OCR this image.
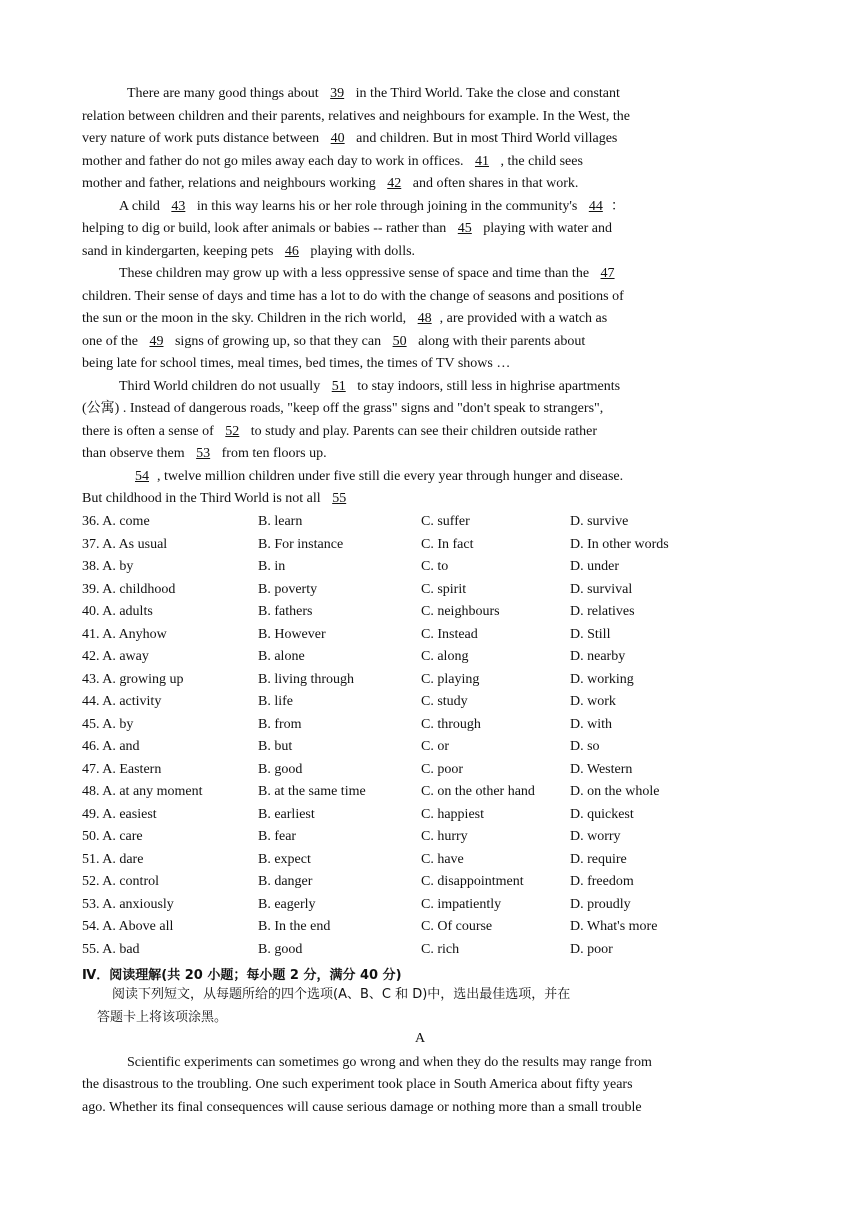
There are many good things about 39 in the Third World. Take the close and constant
relation between children and their parents, relatives and neighbours for example. In the West, the
very nature of work puts distance between 40 and children. But in most Third World villages
mother and father do not go miles away each day to work in offices. 41 , the child sees
mother and father, relations and neighbours working 42 and often shares in that work.
A child 43 in this way learns his or her role through joining in the community's 44 ：
helping to dig or build, look after animals or babies -- rather than 45 playing with water and
sand in kindergarten, keeping pets 46 playing with dolls.
These children may grow up with a less oppressive sense of space and time than the 47
children. Their sense of days and time has a lot to do with the change of seasons and positions of
the sun or the moon in the sky. Children in the rich world, 48 , are provided with a watch as
one of the 49 signs of growing up, so that they can 50 along with their parents about
being late for school times, meal times, bed times, the times of TV shows …
Third World children do not usually 51 to stay indoors, still less in highrise apartments
(公寓) . Instead of dangerous roads, "keep off the grass" signs and "don't speak to strangers",
there is often a sense of 52 to study and play. Parents can see their children outside rather
than observe them 53 from ten floors up.
54 , twelve million children under five still die every year through hunger and disease.
But childhood in the Third World is not all 55
36. A. come	B. learn	C. suffer	D. survive
37. A. As usual	B. For instance	C. In fact	D. In other words
38. A. by	B. in	C. to	D. under
39. A. childhood	B. poverty	C. spirit	D. survival
40. A. adults	B. fathers	C. neighbours	D. relatives
41. A. Anyhow	B. However	C. Instead	D. Still
42. A. away	B. alone	C. along	D. nearby
43. A. growing up	B. living through	C. playing	D. working
44. A. activity	B. life	C. study	D. work
45. A. by	B. from	C. through	D. with
46. A. and	B. but	C. or	D. so
47. A. Eastern	B. good	C. poor	D. Western
48. A. at any moment	B. at the same time	C. on the other hand	D. on the whole
49. A. easiest	B. earliest	C. happiest	D. quickest
50. A. care	B. fear	C. hurry	D. worry
51. A. dare	B. expect	C. have	D. require
52. A. control	B. danger	C. disappointment	D. freedom
53. A. anxiously	B. eagerly	C. impatiently	D. proudly
54. A. Above all	B. In the end	C. Of course	D. What's more
55. A. bad	B. good	C. rich	D. poor
Ⅳ．阅读理解(共 20 小题；每小题 2 分，满分 40 分)
阅读下列短文，从每题所给的四个选项(A、B、C 和 D)中，选出最佳选项，并在
答题卡上将该项涂黑。
A
Scientific experiments can sometimes go wrong and when they do the results may range from
the disastrous to the troubling. One such experiment took place in South America about fifty years
ago. Whether its final consequences will cause serious damage or nothing more than a small trouble
